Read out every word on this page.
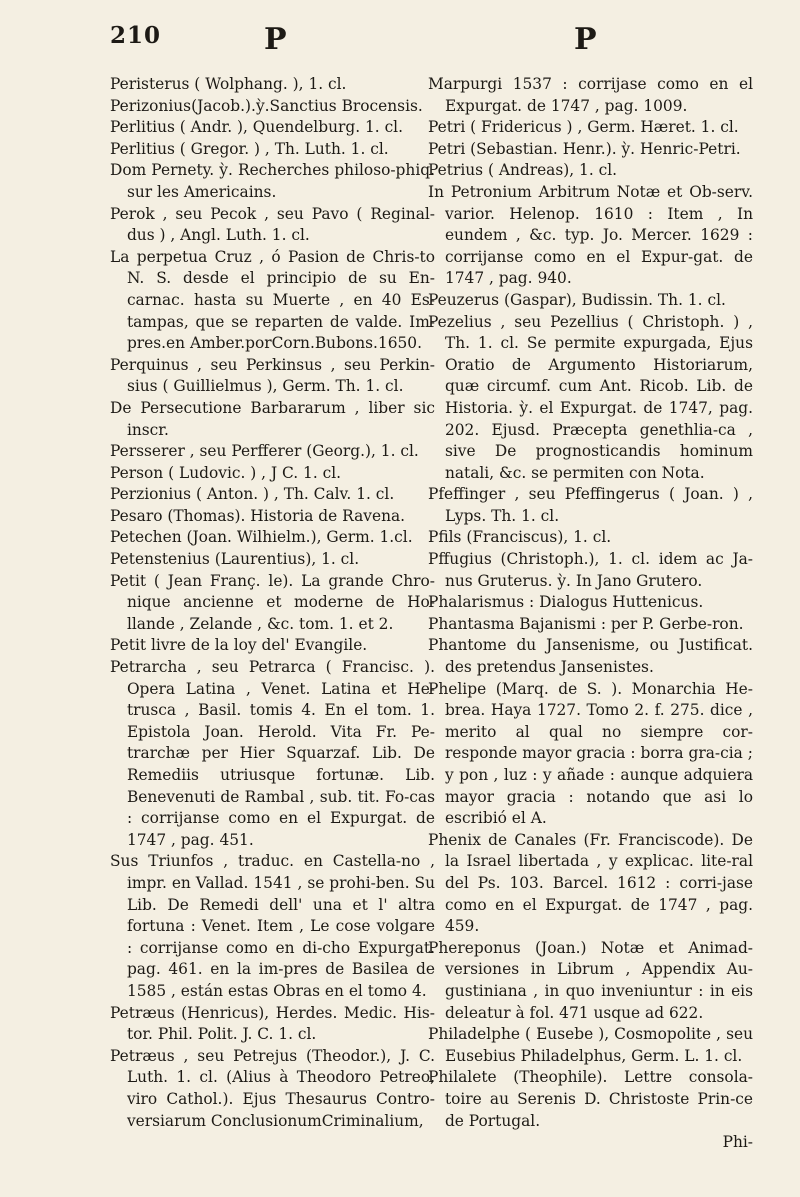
210	P	P

Peristerus ( Wolphang. ), 1. cl.

Perizonius(Jacob.).ỳ.Sanctius Brocensis.

Perlitius ( Andr. ), Quendelburg. 1. cl.

Perlitius ( Gregor. ) , Th. Luth. 1. cl.

Dom Pernety. ỳ. Recherches philoso-phiq. sur les Americains.

Perok , seu Pecok , seu Pavo ( Reginal-dus ) , Angl. Luth. 1. cl.

La perpetua Cruz , ó Pasion de Chris-to N. S. desde el principio de su En-carnac. hasta su Muerte , en 40 Es-tampas, que se reparten de valde. Im-pres.en Amber.porCorn.Bubons.1650.

Perquinus , seu Perkinsus , seu Perkin-sius ( Guillielmus ), Germ. Th. 1. cl.

De Persecutione Barbararum , liber sic inscr.

Persserer , seu Perfferer (Georg.), 1. cl.

Person ( Ludovic. ) , J C. 1. cl.

Perzionius ( Anton. ) , Th. Calv. 1. cl.

Pesaro (Thomas). Historia de Ravena.

Petechen (Joan. Wilhielm.), Germ. 1.cl.

Petenstenius (Laurentius), 1. cl.

Petit ( Jean Franç. le). La grande Chro-nique ancienne et moderne de Ho-llande , Zelande , &c. tom. 1. et 2.

Petit livre de la loy del' Evangile.

Petrarcha , seu Petrarca ( Francisc. ). Opera Latina , Venet. Latina et He-trusca , Basil. tomis 4. En el tom. 1. Epistola Joan. Herold. Vita Fr. Pe-trarchæ per Hier Squarzaf. Lib. De Remediis utriusque fortunæ. Lib. Benevenuti de Rambal , sub. tit. Fo-cas : corrijanse como en el Expurgat. de 1747 , pag. 451.

Sus Triunfos , traduc. en Castella-no , impr. en Vallad. 1541 , se prohi-ben. Su Lib. De Remedi dell' una et l' altra fortuna : Venet. Item , Le cose volgare : corrijanse como en di-cho Expurgat. pag. 461. en la im-pres de Basilea de 1585 , están estas Obras en el tomo 4.

Petræus (Henricus), Herdes. Medic. His-tor. Phil. Polit. J. C. 1. cl.

Petræus , seu Petrejus (Theodor.), J. C. Luth. 1. cl. (Alius à Theodoro Petreo, viro Cathol.). Ejus Thesaurus Contro-versiarum ConclusionumCriminalium,

Marpurgi 1537 : corrijase como en el Expurgat. de 1747 , pag. 1009.

Petri ( Fridericus ) , Germ. Hæret. 1. cl.

Petri (Sebastian. Henr.). ỳ. Henric-Petri.

Petrius ( Andreas), 1. cl.

In Petronium Arbitrum Notæ et Ob-serv. varior. Helenop. 1610 : Item , In eundem , &c. typ. Jo. Mercer. 1629 : corrijanse como en el Expur-gat. de 1747 , pag. 940.

Peuzerus (Gaspar), Budissin. Th. 1. cl.

Pezelius , seu Pezellius ( Christoph. ) , Th. 1. cl. Se permite expurgada, Ejus Oratio de Argumento Historiarum, quæ circumf. cum Ant. Ricob. Lib. de Historia. ỳ. el Expurgat. de 1747, pag. 202. Ejusd. Præcepta genethlia-ca , sive De prognosticandis hominum natali, &c. se permiten con Nota.

Pfeffinger , seu Pfeffingerus ( Joan. ) , Lyps. Th. 1. cl.

Pfils (Franciscus), 1. cl.

Pffugius (Christoph.), 1. cl. idem ac Ja-nus Gruterus. ỳ. In Jano Grutero.

Phalarismus : Dialogus Huttenicus.

Phantasma Bajanismi : per P. Gerbe-ron.

Phantome du Jansenisme, ou Justificat. des pretendus Jansenistes.

Phelipe (Marq. de S. ). Monarchia He-brea. Haya 1727. Tomo 2. f. 275. dice , merito al qual no siempre cor-responde mayor gracia : borra gra-cia ; y pon , luz : y añade : aunque adquiera mayor gracia : notando que asi lo escribió el A.

Phenix de Canales (Fr. Franciscode). De la Israel libertada , y explicac. lite-ral del Ps. 103. Barcel. 1612 : corri-jase como en el Expurgat. de 1747 , pag. 459.

Phereponus (Joan.) Notæ et Animad-versiones in Librum , Appendix Au-gustiniana , in quo inveniuntur : in eis deleatur à fol. 471 usque ad 622.

Philadelphe ( Eusebe ), Cosmopolite , seu Eusebius Philadelphus, Germ. L. 1. cl.

Philalete (Theophile). Lettre consola-toire au Serenis D. Christoste Prin-ce de Portugal.

Phi-
